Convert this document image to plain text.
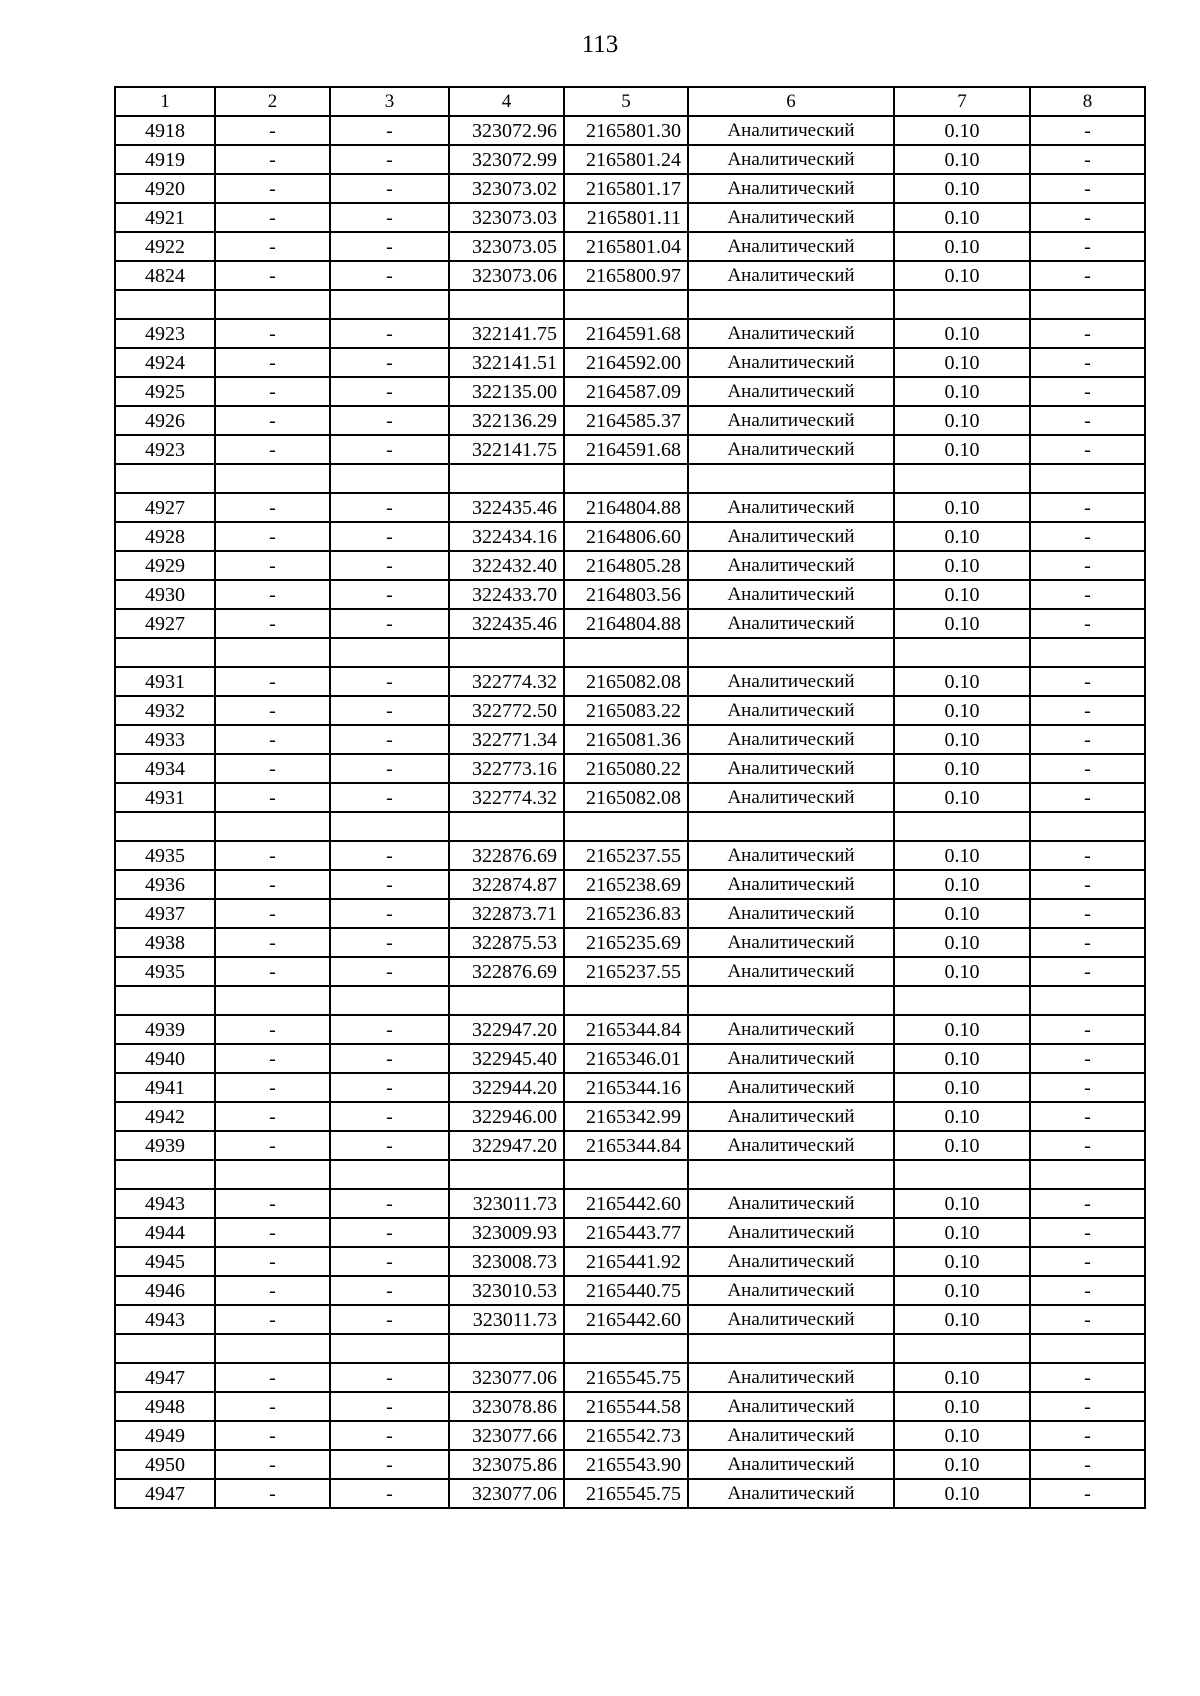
113
1	2	3	4	5	6	7	8
4918	-	-	323072.96	2165801.30	Аналитический	0.10	-
4919	-	-	323072.99	2165801.24	Аналитический	0.10	-
4920	-	-	323073.02	2165801.17	Аналитический	0.10	-
4921	-	-	323073.03	2165801.11	Аналитический	0.10	-
4922	-	-	323073.05	2165801.04	Аналитический	0.10	-
4824	-	-	323073.06	2165800.97	Аналитический	0.10	-

4923	-	-	322141.75	2164591.68	Аналитический	0.10	-
4924	-	-	322141.51	2164592.00	Аналитический	0.10	-
4925	-	-	322135.00	2164587.09	Аналитический	0.10	-
4926	-	-	322136.29	2164585.37	Аналитический	0.10	-
4923	-	-	322141.75	2164591.68	Аналитический	0.10	-

4927	-	-	322435.46	2164804.88	Аналитический	0.10	-
4928	-	-	322434.16	2164806.60	Аналитический	0.10	-
4929	-	-	322432.40	2164805.28	Аналитический	0.10	-
4930	-	-	322433.70	2164803.56	Аналитический	0.10	-
4927	-	-	322435.46	2164804.88	Аналитический	0.10	-

4931	-	-	322774.32	2165082.08	Аналитический	0.10	-
4932	-	-	322772.50	2165083.22	Аналитический	0.10	-
4933	-	-	322771.34	2165081.36	Аналитический	0.10	-
4934	-	-	322773.16	2165080.22	Аналитический	0.10	-
4931	-	-	322774.32	2165082.08	Аналитический	0.10	-

4935	-	-	322876.69	2165237.55	Аналитический	0.10	-
4936	-	-	322874.87	2165238.69	Аналитический	0.10	-
4937	-	-	322873.71	2165236.83	Аналитический	0.10	-
4938	-	-	322875.53	2165235.69	Аналитический	0.10	-
4935	-	-	322876.69	2165237.55	Аналитический	0.10	-

4939	-	-	322947.20	2165344.84	Аналитический	0.10	-
4940	-	-	322945.40	2165346.01	Аналитический	0.10	-
4941	-	-	322944.20	2165344.16	Аналитический	0.10	-
4942	-	-	322946.00	2165342.99	Аналитический	0.10	-
4939	-	-	322947.20	2165344.84	Аналитический	0.10	-

4943	-	-	323011.73	2165442.60	Аналитический	0.10	-
4944	-	-	323009.93	2165443.77	Аналитический	0.10	-
4945	-	-	323008.73	2165441.92	Аналитический	0.10	-
4946	-	-	323010.53	2165440.75	Аналитический	0.10	-
4943	-	-	323011.73	2165442.60	Аналитический	0.10	-

4947	-	-	323077.06	2165545.75	Аналитический	0.10	-
4948	-	-	323078.86	2165544.58	Аналитический	0.10	-
4949	-	-	323077.66	2165542.73	Аналитический	0.10	-
4950	-	-	323075.86	2165543.90	Аналитический	0.10	-
4947	-	-	323077.06	2165545.75	Аналитический	0.10	-
